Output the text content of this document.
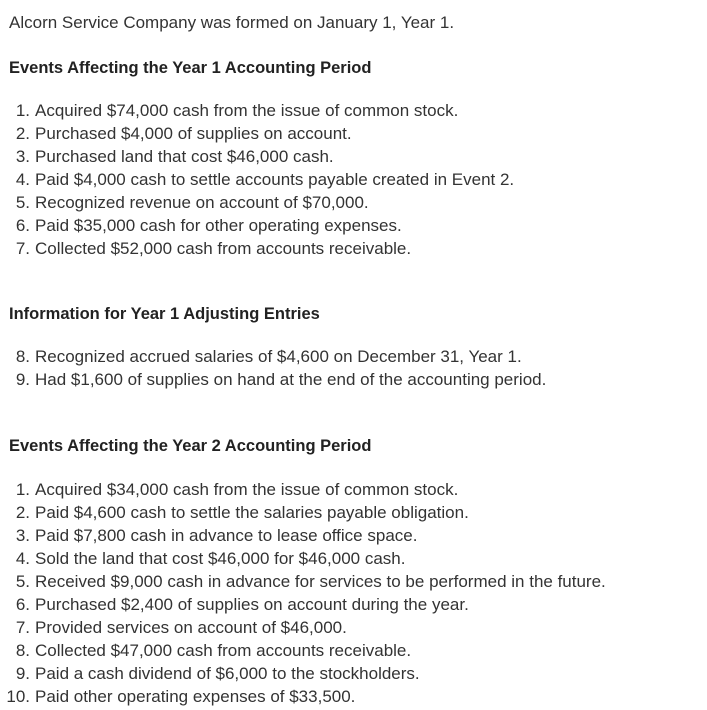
Alcorn Service Company was formed on January 1, Year 1.

Events Affecting the Year 1 Accounting Period
1. Acquired $74,000 cash from the issue of common stock.
2. Purchased $4,000 of supplies on account.
3. Purchased land that cost $46,000 cash.
4. Paid $4,000 cash to settle accounts payable created in Event 2.
5. Recognized revenue on account of $70,000.
6. Paid $35,000 cash for other operating expenses.
7. Collected $52,000 cash from accounts receivable.
Information for Year 1 Adjusting Entries
8. Recognized accrued salaries of $4,600 on December 31, Year 1.
9. Had $1,600 of supplies on hand at the end of the accounting period.
Events Affecting the Year 2 Accounting Period
1. Acquired $34,000 cash from the issue of common stock.
2. Paid $4,600 cash to settle the salaries payable obligation.
3. Paid $7,800 cash in advance to lease office space.
4. Sold the land that cost $46,000 for $46,000 cash.
5. Received $9,000 cash in advance for services to be performed in the future.
6. Purchased $2,400 of supplies on account during the year.
7. Provided services on account of $46,000.
8. Collected $47,000 cash from accounts receivable.
9. Paid a cash dividend of $6,000 to the stockholders.
10. Paid other operating expenses of $33,500.
